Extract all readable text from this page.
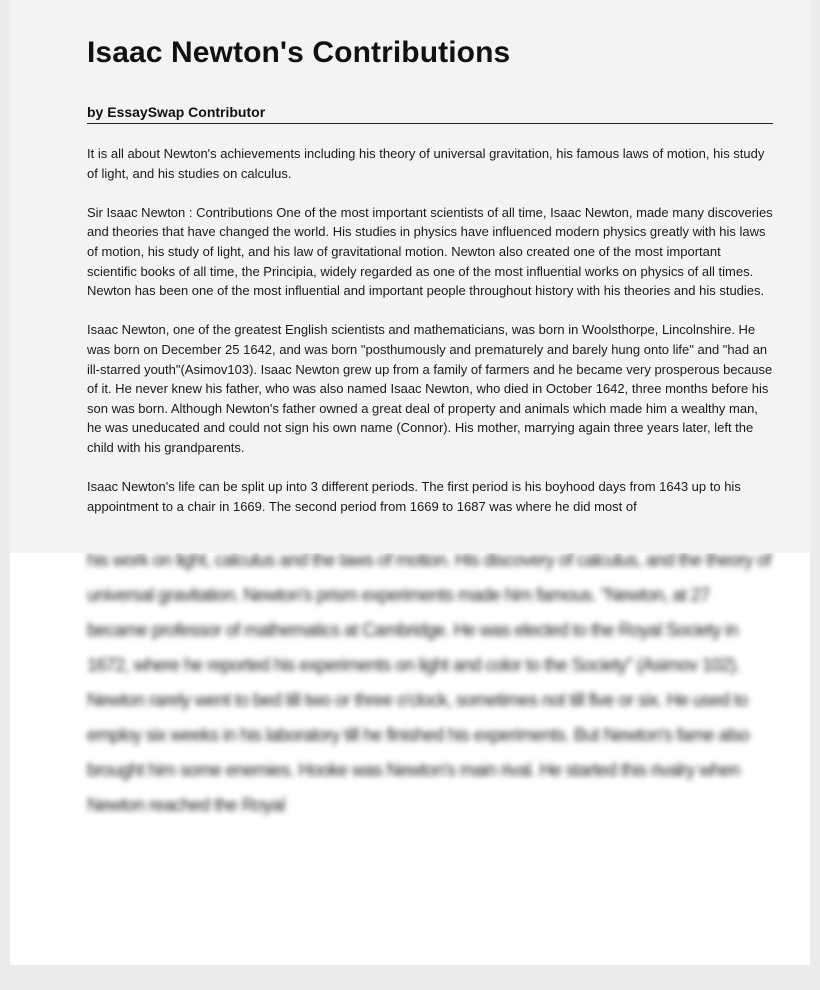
Isaac Newton's Contributions
by EssaySwap Contributor

It is all about Newton's achievements including his theory of universal gravitation, his famous laws of motion, his study of light, and his studies on calculus.

Sir Isaac Newton : Contributions One of the most important scientists of all time, Isaac Newton, made many discoveries and theories that have changed the world. His studies in physics have influenced modern physics greatly with his laws of motion, his study of light, and his law of gravitational motion. Newton also created one of the most important scientific books of all time, the Principia, widely regarded as one of the most influential works on physics of all times. Newton has been one of the most influential and important people throughout history with his theories and his studies.

Isaac Newton, one of the greatest English scientists and mathematicians, was born in Woolsthorpe, Lincolnshire. He was born on December 25 1642, and was born "posthumously and prematurely and barely hung onto life" and "had an ill-starred youth"(Asimov103). Isaac Newton grew up from a family of farmers and he became very prosperous because of it. He never knew his father, who was also named Isaac Newton, who died in October 1642, three months before his son was born. Although Newton's father owned a great deal of property and animals which made him a wealthy man, he was uneducated and could not sign his own name (Connor). His mother, marrying again three years later, left the child with his grandparents.

Isaac Newton's life can be split up into 3 different periods. The first period is his boyhood days from 1643 up to his appointment to a chair in 1669. The second period from 1669 to 1687 was where he did most of

his work on light, calculus and the laws of motion. His discovery of calculus, and the theory of universal gravitation. Newton's prism experiments made him famous. "Newton, at 27 became professor of mathematics at Cambridge. He was elected to the Royal Society in 1672, where he reported his experiments on light and color to the Society" (Asimov 102). Newton rarely went to bed till two or three o'clock, sometimes not till five or six. He used to employ six weeks in his laboratory till he finished his experiments. But Newton's fame also brought him some enemies. Hooke was Newton's main rival. He started this rivalry when Newton reached the Royal
